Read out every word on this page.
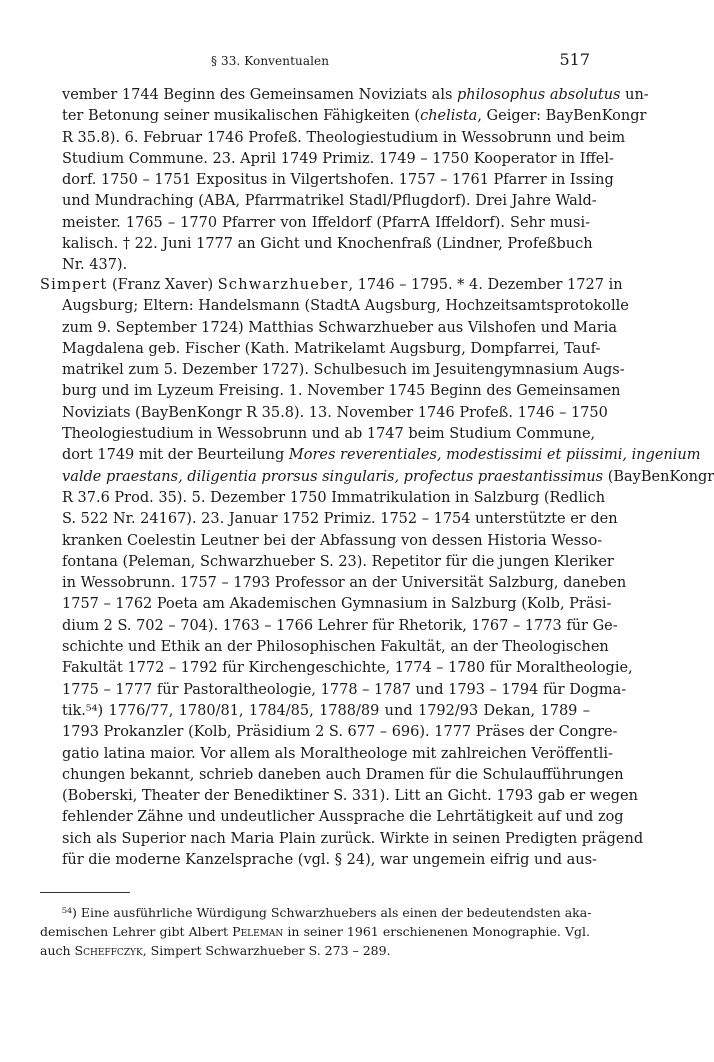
§ 33. Konventualen	517
vember 1744 Beginn des Gemeinsamen Noviziats als philosophus absolutus un-
ter Betonung seiner musikalischen Fähigkeiten (chelista, Geiger: BayBenKongr
R 35.8). 6. Februar 1746 Profeß. Theologiestudium in Wessobrunn und beim
Studium Commune. 23. April 1749 Primiz. 1749 – 1750 Kooperator in Iffel-
dorf. 1750 – 1751 Expositus in Vilgertshofen. 1757 – 1761 Pfarrer in Issing
und Mundraching (ABA, Pfarrmatrikel Stadl/Pflugdorf). Drei Jahre Wald-
meister. 1765 – 1770 Pfarrer von Iffeldorf (PfarrA Iffeldorf). Sehr musi-
kalisch. † 22. Juni 1777 an Gicht und Knochenfraß (Lindner, Profeßbuch
Nr. 437).
Simpert (Franz Xaver) Schwarzhueber, 1746 – 1795. * 4. Dezember 1727 in
Augsburg; Eltern: Handelsmann (StadtA Augsburg, Hochzeitsamtsprotokolle
zum 9. September 1724) Matthias Schwarzhueber aus Vilshofen und Maria
Magdalena geb. Fischer (Kath. Matrikelamt Augsburg, Dompfarrei, Tauf-
matrikel zum 5. Dezember 1727). Schulbesuch im Jesuitengymnasium Augs-
burg und im Lyzeum Freising. 1. November 1745 Beginn des Gemeinsamen
Noviziats (BayBenKongr R 35.8). 13. November 1746 Profeß. 1746 – 1750
Theologiestudium in Wessobrunn und ab 1747 beim Studium Commune,
dort 1749 mit der Beurteilung Mores reverentiales, modestissimi et piissimi, ingenium
valde praestans, diligentia prorsus singularis, profectus praestantissimus (BayBenKongr
R 37.6 Prod. 35). 5. Dezember 1750 Immatrikulation in Salzburg (Redlich
S. 522 Nr. 24167). 23. Januar 1752 Primiz. 1752 – 1754 unterstützte er den
kranken Coelestin Leutner bei der Abfassung von dessen Historia Wesso-
fontana (Peleman, Schwarzhueber S. 23). Repetitor für die jungen Kleriker
in Wessobrunn. 1757 – 1793 Professor an der Universität Salzburg, daneben
1757 – 1762 Poeta am Akademischen Gymnasium in Salzburg (Kolb, Präsi-
dium 2 S. 702 – 704). 1763 – 1766 Lehrer für Rhetorik, 1767 – 1773 für Ge-
schichte und Ethik an der Philosophischen Fakultät, an der Theologischen
Fakultät 1772 – 1792 für Kirchengeschichte, 1774 – 1780 für Moraltheologie,
1775 – 1777 für Pastoraltheologie, 1778 – 1787 und 1793 – 1794 für Dogma-
tik.⁵⁴) 1776/77, 1780/81, 1784/85, 1788/89 und 1792/93 Dekan, 1789 –
1793 Prokanzler (Kolb, Präsidium 2 S. 677 – 696). 1777 Präses der Congre-
gatio latina maior. Vor allem als Moraltheologe mit zahlreichen Veröffentli-
chungen bekannt, schrieb daneben auch Dramen für die Schulaufführungen
(Boberski, Theater der Benediktiner S. 331). Litt an Gicht. 1793 gab er wegen
fehlender Zähne und undeutlicher Aussprache die Lehrtätigkeit auf und zog
sich als Superior nach Maria Plain zurück. Wirkte in seinen Predigten prägend
für die moderne Kanzelsprache (vgl. § 24), war ungemein eifrig und aus-
⁵⁴) Eine ausführliche Würdigung Schwarzhuebers als einen der bedeutendsten aka-
demischen Lehrer gibt Albert Peleman in seiner 1961 erschienenen Monographie. Vgl.
auch Scheffczyk, Simpert Schwarzhueber S. 273 – 289.
